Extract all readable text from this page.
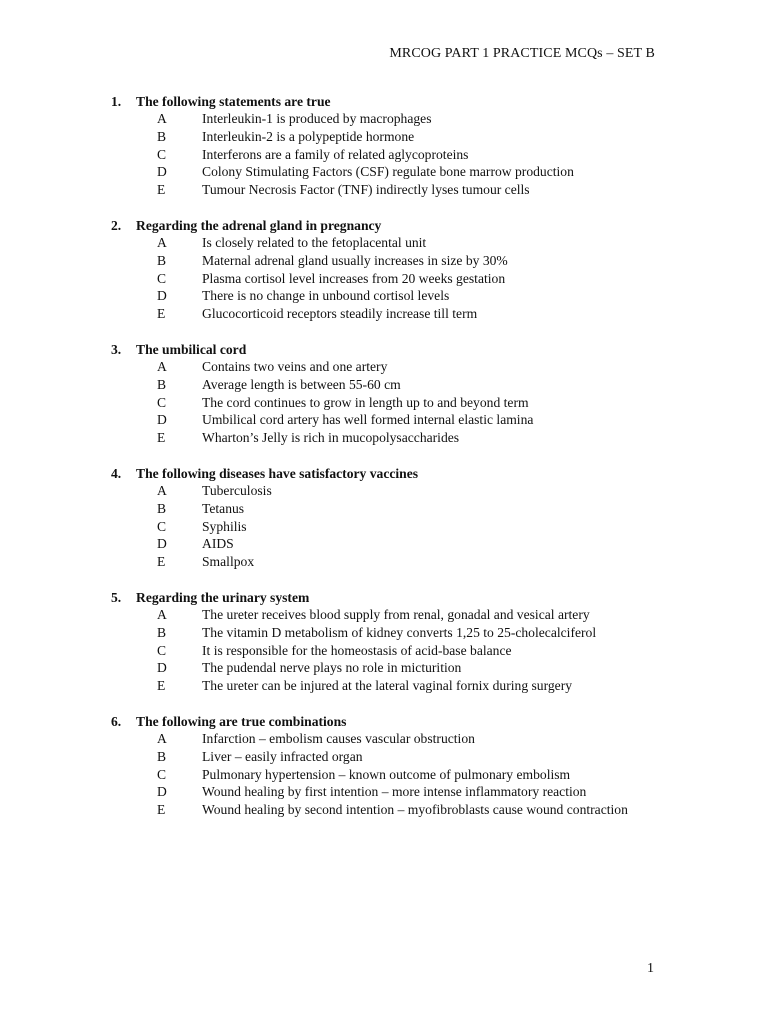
MRCOG PART 1 PRACTICE MCQs – SET B
1. The following statements are true
A	Interleukin-1 is produced by macrophages
B	Interleukin-2 is a polypeptide hormone
C	Interferons are a family of related aglycoproteins
D	Colony Stimulating Factors (CSF) regulate bone marrow production
E	Tumour Necrosis Factor (TNF) indirectly lyses tumour cells
2. Regarding the adrenal gland in pregnancy
A	Is closely related to the fetoplacental unit
B	Maternal adrenal gland usually increases in size by 30%
C	Plasma cortisol level increases from 20 weeks gestation
D	There is no change in unbound cortisol levels
E	Glucocorticoid receptors steadily increase till term
3. The umbilical cord
A	Contains two veins and one artery
B	Average length is between 55-60 cm
C	The cord continues to grow in length up to and beyond term
D	Umbilical cord artery has well formed internal elastic lamina
E	Wharton’s Jelly is rich in mucopolysaccharides
4. The following diseases have satisfactory vaccines
A	Tuberculosis
B	Tetanus
C	Syphilis
D	AIDS
E	Smallpox
5. Regarding the urinary system
A	The ureter receives blood supply from renal, gonadal and vesical artery
B	The vitamin D metabolism of kidney converts 1,25 to 25-cholecalciferol
C	It is responsible for the homeostasis of acid-base balance
D	The pudendal nerve plays no role in micturition
E	The ureter can be injured at the lateral vaginal fornix during surgery
6. The following are true combinations
A	Infarction – embolism causes vascular obstruction
B	Liver – easily infracted organ
C	Pulmonary hypertension – known outcome of pulmonary embolism
D	Wound healing by first intention – more intense inflammatory reaction
E	Wound healing by second intention – myofibroblasts cause wound contraction
1
